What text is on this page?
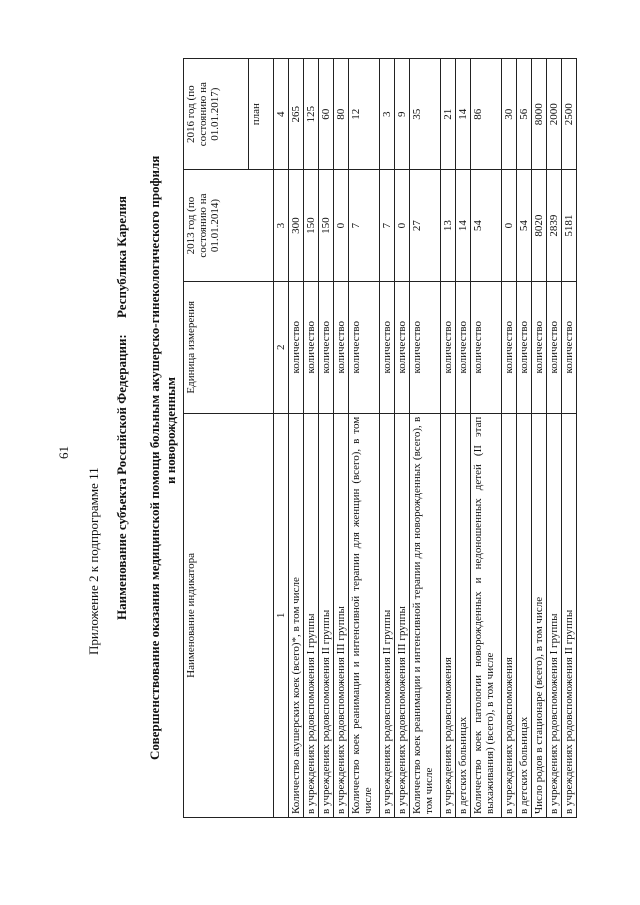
61
Приложение 2 к подпрограмме 11 Наименование субъекта Российской Федерации:     Республика Карелия Совершенствование оказания медицинской помощи больным акушерско-гинекологического профиля и новорожденным
Наименование индикатора	Единица измерения	2013 год (по состоянию на 01.01.2014)	2016 год (по состоянию на 01.01.2017)
			план
1	2	3	4
Количество акушерских коек (всего)*, в том числе	количество	300	265
в учреждениях родовспоможения I группы	количество	150	125
в учреждениях родовспоможения II группы	количество	150	60
в учреждениях родовспоможения III группы	количество	0	80
Количество коек реанимации и интенсивной терапии для женщин (всего), в том числе	количество	7	12
в учреждениях родовспоможения II группы	количество	7	3
в учреждениях родовспоможения III группы	количество	0	9
Количество коек реанимации и интенсивной терапии для новорожденных (всего), в том числе	количество	27	35
в учреждениях родовспоможения	количество	13	21
в детских больницах	количество	14	14
Количество коек патологии новорожденных и недоношенных детей (II этап выхаживания) (всего), в том числе	количество	54	86
в учреждениях родовспоможения	количество	0	30
в детских больницах	количество	54	56
Число родов в стационаре (всего), в том числе	количество	8020	8000
в учреждениях родовспоможения I группы	количество	2839	2000
в учреждениях родовспоможения II группы	количество	5181	2500
